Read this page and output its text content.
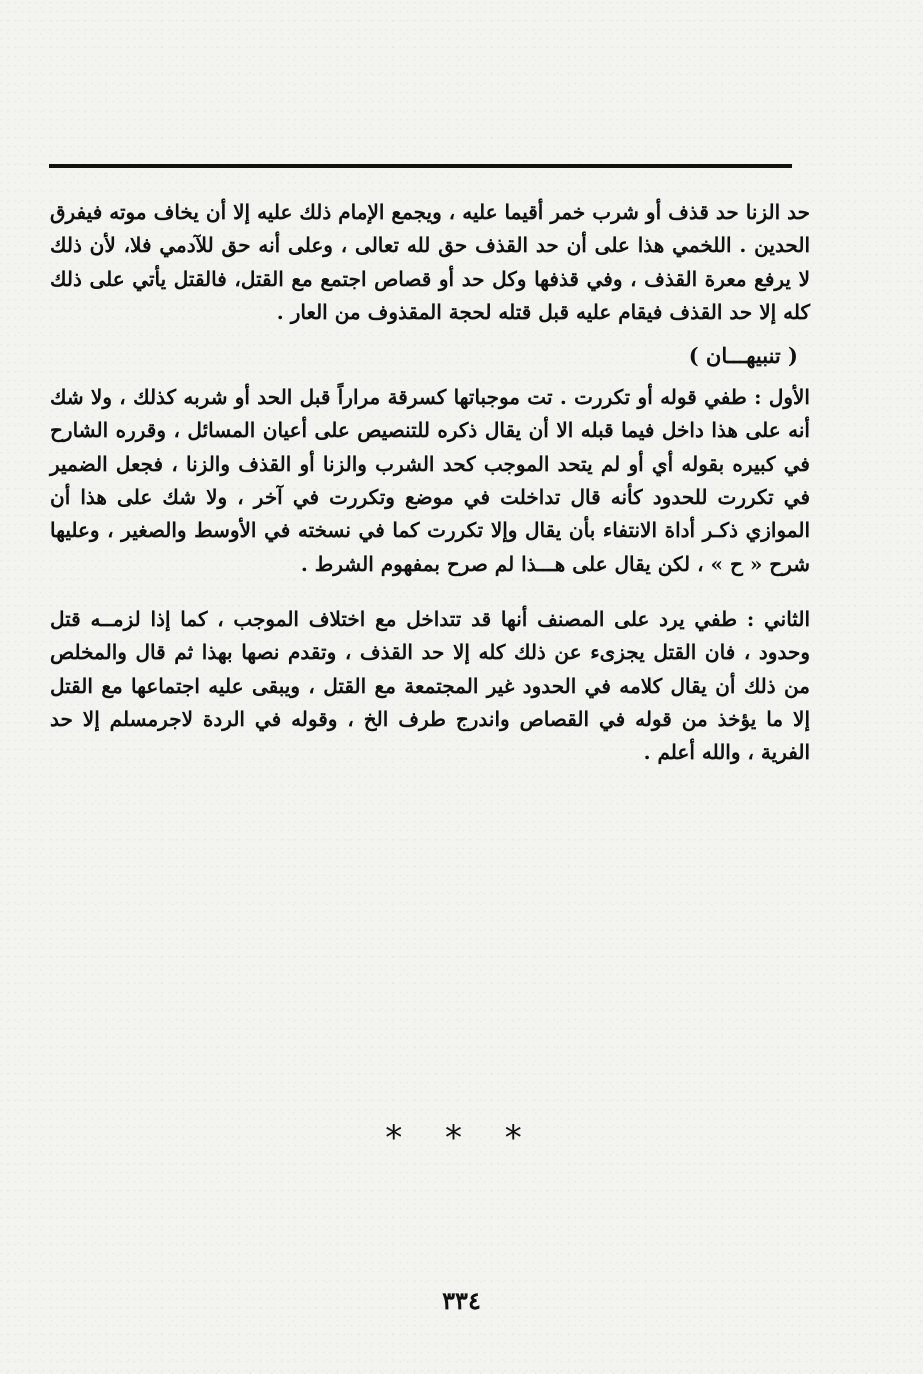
حد الزنا حد قذف أو شرب خمر أقيما عليه ، ويجمع الإمام ذلك عليه إلا أن يخاف موته فيفرق الحدين . اللخمي هذا على أن حد القذف حق لله تعالى ، وعلى أنه حق للآدمي فلا، لأن ذلك لا يرفع معرة القذف ، وفي قذفها وكل حد أو قصاص اجتمع مع القتل، فالقتل يأتي على ذلك كله إلا حد القذف فيقام عليه قبل قتله لحجة المقذوف من العار .

( تنبيهـــان )

الأول : طفي قوله أو تكررت . تت موجباتها كسرقة مراراً قبل الحد أو شربه كذلك ، ولا شك أنه على هذا داخل فيما قبله الا أن يقال ذكره للتنصيص على أعيان المسائل ، وقرره الشارح في كبيره بقوله أي أو لم يتحد الموجب كحد الشرب والزنا أو القذف والزنا ، فجعل الضمير في تكررت للحدود كأنه قال تداخلت في موضع وتكررت في آخر ، ولا شك على هذا أن الموازي ذكـر أداة الانتفاء بأن يقال وإلا تكررت كما في نسخته في الأوسط والصغير ، وعليها شرح « ح » ، لكن يقال على هـــذا لم صرح بمفهوم الشرط .

الثاني : طفي يرد على المصنف أنها قد تتداخل مع اختلاف الموجب ، كما إذا لزمــه قتل وحدود ، فان القتل يجزىء عن ذلك كله إلا حد القذف ، وتقدم نصها بهذا ثم قال والمخلص من ذلك أن يقال كلامه في الحدود غير المجتمعة مع القتل ، ويبقى عليه اجتماعها مع القتل إلا ما يؤخذ من قوله في القصاص واندرج طرف الخ ، وقوله في الردة لاجرمسلم إلا حد الفرية ، والله أعلم .

* * *
٣٣٤
